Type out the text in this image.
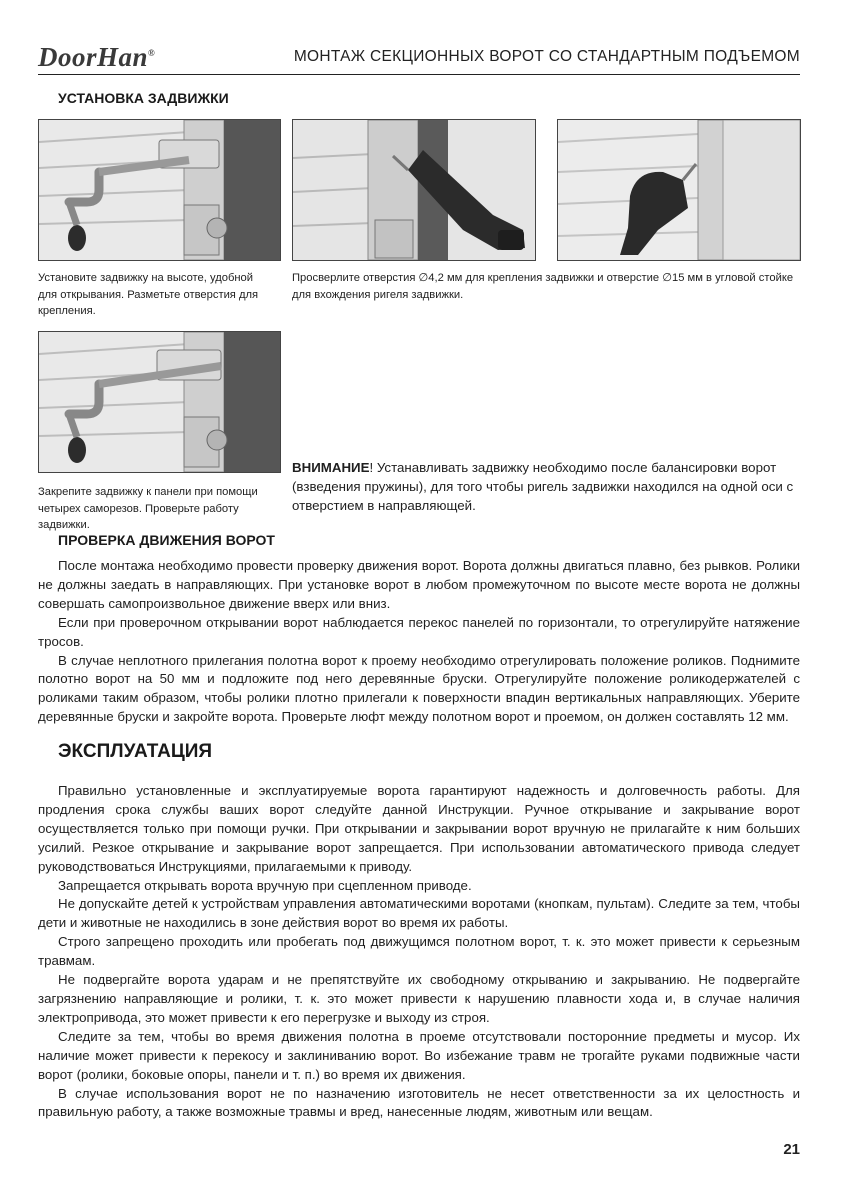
DoorHan®	МОНТАЖ СЕКЦИОННЫХ ВОРОТ СО СТАНДАРТНЫМ ПОДЪЕМОМ
УСТАНОВКА ЗАДВИЖКИ
Установите задвижку на высоте, удобной для открывания. Разметьте отверстия для крепления.
Просверлите отверстия ∅4,2 мм для крепления задвижки и отверстие ∅15 мм в угловой стойке для вхождения ригеля задвижки.
ВНИМАНИЕ! Устанавливать задвижку необходимо после балансировки ворот (взведения пружины), для того чтобы ригель задвижки находился на одной оси с отверстием в направляющей.
Закрепите задвижку к панели при помощи четырех саморезов. Проверьте работу задвижки.
ПРОВЕРКА ДВИЖЕНИЯ ВОРОТ

После монтажа необходимо провести проверку движения ворот. Ворота должны двигаться плавно, без рывков. Ролики не должны заедать в направляющих. При установке ворот в любом промежуточном по высоте месте ворота не должны совершать самопроизвольное движение вверх или вниз.

Если при проверочном открывании ворот наблюдается перекос панелей по горизонтали, то отрегулируйте натяжение тросов.

В случае неплотного прилегания полотна ворот к проему необходимо отрегулировать положение роликов. Поднимите полотно ворот на 50 мм и подложите под него деревянные бруски. Отрегулируйте положение роликодержателей с роликами таким образом, чтобы ролики плотно прилегали к поверхности впадин вертикальных направляющих. Уберите деревянные бруски и закройте ворота. Проверьте люфт между полотном ворот и проемом, он должен составлять 12 мм.

ЭКСПЛУАТАЦИЯ

Правильно установленные и эксплуатируемые ворота гарантируют надежность и долговечность работы. Для продления срока службы ваших ворот следуйте данной Инструкции. Ручное открывание и закрывание ворот осуществляется только при помощи ручки. При открывании и закрывании ворот вручную не прилагайте к ним больших усилий. Резкое открывание и закрывание ворот запрещается. При использовании автоматического привода следует руководствоваться Инструкциями, прилагаемыми к приводу.

Запрещается открывать ворота вручную при сцепленном приводе.

Не допускайте детей к устройствам управления автоматическими воротами (кнопкам, пультам). Следите за тем, чтобы дети и животные не находились в зоне действия ворот во время их работы.

Строго запрещено проходить или пробегать под движущимся полотном ворот, т. к. это может привести к серьезным травмам.

Не подвергайте ворота ударам и не препятствуйте их свободному открыванию и закрыванию. Не подвергайте загрязнению направляющие и ролики, т. к. это может привести к нарушению плавности хода и, в случае наличия электропривода, это может привести к его перегрузке и выходу из строя.

Следите за тем, чтобы во время движения полотна в проеме отсутствовали посторонние предметы и мусор. Их наличие может привести к перекосу и заклиниванию ворот. Во избежание травм не трогайте руками подвижные части ворот (ролики, боковые опоры, панели и т. п.) во время их движения.

В случае использования ворот не по назначению изготовитель не несет ответственности за их целостность и правильную работу, а также возможные травмы и вред, нанесенные людям, животным или вещам.

21
